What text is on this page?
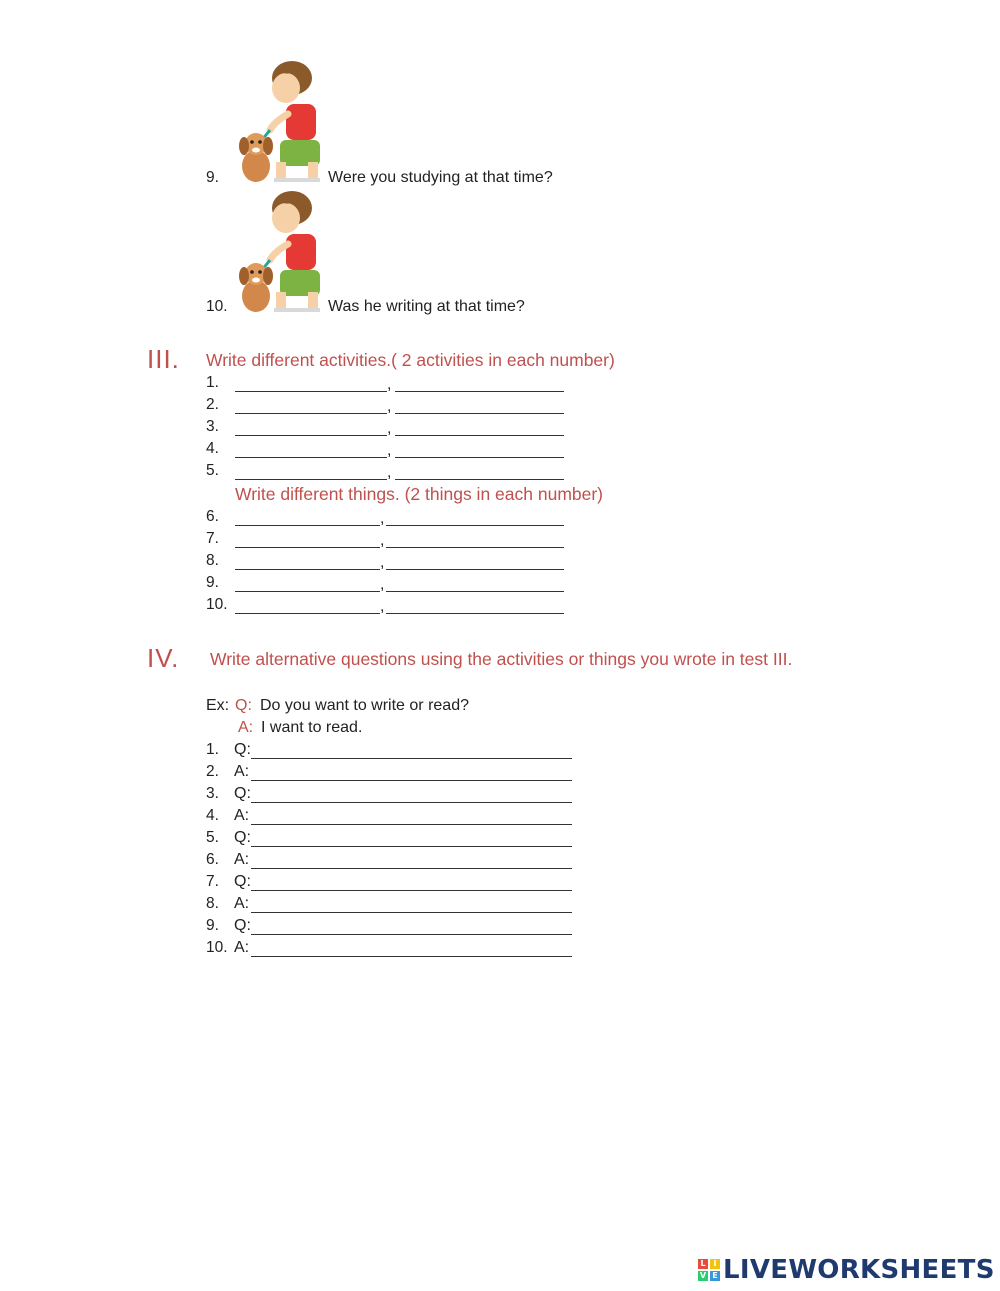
9.	Were you studying at that time?
10.	Was he writing at that time?
III. Write different activities.( 2 activities in each number)
1.	,
2.	,
3.	,
4.	,
5.	,
Write different things. (2 things in each number)
6.	,
7.	,
8.	,
9.	,
10.	,
IV. Write alternative questions using the activities or things you wrote in test III.
Ex: Q: Do you want to write or read?
A: I want to read.
1. Q:
2. A:
3. Q:
4. A:
5. Q:
6. A:
7. Q:
8. A:
9. Q:
10. A:
L I
V E LIVEWORKSHEETS
